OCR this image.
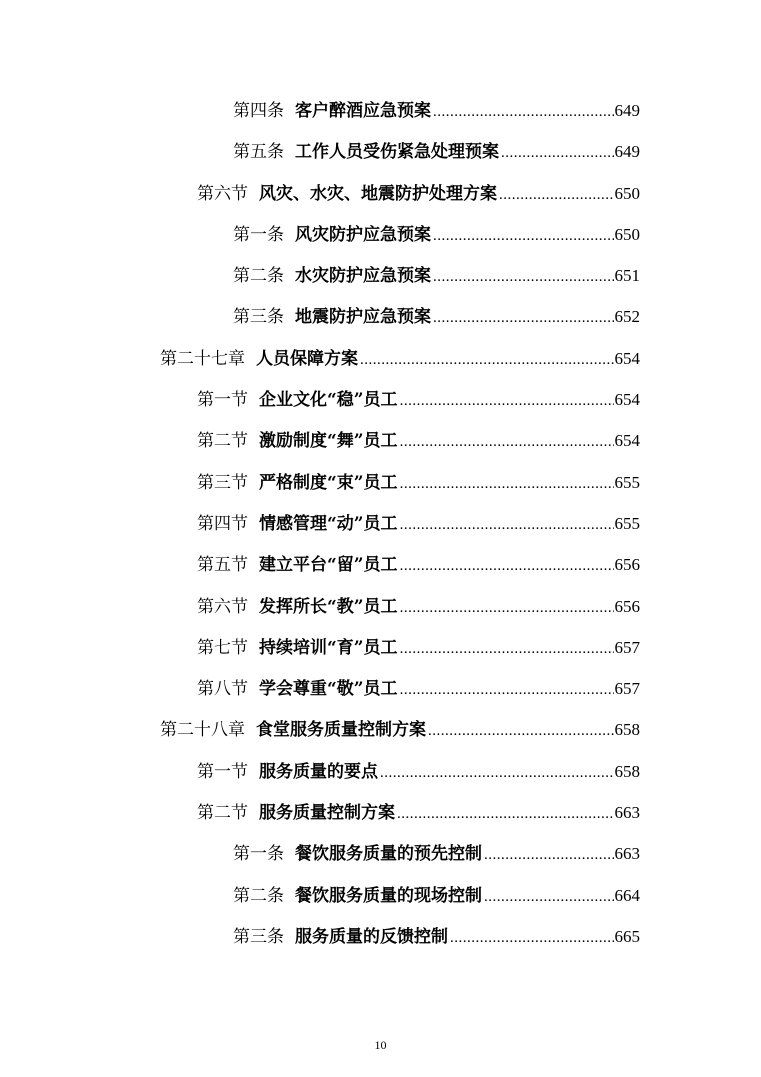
第四条 客户醉酒应急预案 .....	649
第五条 工作人员受伤紧急处理预案 .....	649
第六节 风灾、水灾、地震防护处理方案 .....	650
第一条 风灾防护应急预案 .....	650
第二条 水灾防护应急预案 .....	651
第三条 地震防护应急预案 .....	652
第二十七章 人员保障方案 .....	654
第一节 企业文化“稳”员工 .....	654
第二节 激励制度“舞”员工 .....	654
第三节 严格制度“束”员工 .....	655
第四节 情感管理“动”员工 .....	655
第五节 建立平台“留”员工 .....	656
第六节 发挥所长“教”员工 .....	656
第七节 持续培训“育”员工 .....	657
第八节 学会尊重“敬”员工 .....	657
第二十八章 食堂服务质量控制方案 .....	658
第一节 服务质量的要点 .....	658
第二节 服务质量控制方案 .....	663
第一条 餐饮服务质量的预先控制 .....	663
第二条 餐饮服务质量的现场控制 .....	664
第三条 服务质量的反馈控制 .....	665
10
